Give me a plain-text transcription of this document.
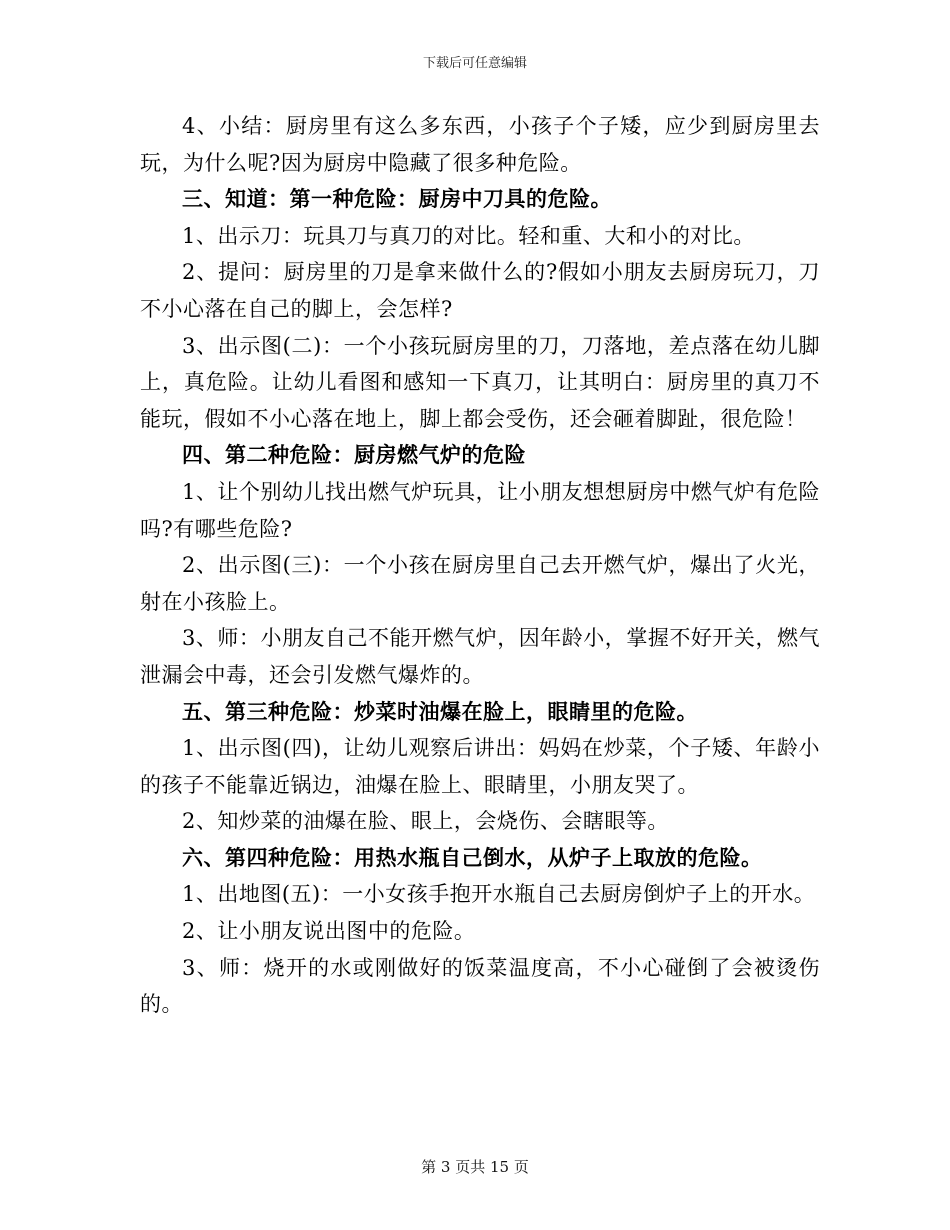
下载后可任意编辑

4、小结：厨房里有这么多东西，小孩子个子矮，应少到厨房里去玩，为什么呢?因为厨房中隐藏了很多种危险。

三、知道：第一种危险：厨房中刀具的危险。

1、出示刀：玩具刀与真刀的对比。轻和重、大和小的对比。

2、提问：厨房里的刀是拿来做什么的?假如小朋友去厨房玩刀，刀不小心落在自己的脚上，会怎样?

3、出示图(二)：一个小孩玩厨房里的刀，刀落地，差点落在幼儿脚上，真危险。让幼儿看图和感知一下真刀，让其明白：厨房里的真刀不能玩，假如不小心落在地上，脚上都会受伤，还会砸着脚趾，很危险！

四、第二种危险：厨房燃气炉的危险

1、让个别幼儿找出燃气炉玩具，让小朋友想想厨房中燃气炉有危险吗?有哪些危险?

2、出示图(三)：一个小孩在厨房里自己去开燃气炉，爆出了火光，射在小孩脸上。

3、师：小朋友自己不能开燃气炉，因年龄小，掌握不好开关，燃气泄漏会中毒，还会引发燃气爆炸的。

五、第三种危险：炒菜时油爆在脸上，眼睛里的危险。

1、出示图(四)，让幼儿观察后讲出：妈妈在炒菜，个子矮、年龄小的孩子不能靠近锅边，油爆在脸上、眼睛里，小朋友哭了。

2、知炒菜的油爆在脸、眼上，会烧伤、会瞎眼等。

六、第四种危险：用热水瓶自己倒水，从炉子上取放的危险。

1、出地图(五)：一小女孩手抱开水瓶自己去厨房倒炉子上的开水。

2、让小朋友说出图中的危险。

3、师：烧开的水或刚做好的饭菜温度高，不小心碰倒了会被烫伤的。

第 3 页共 15 页
